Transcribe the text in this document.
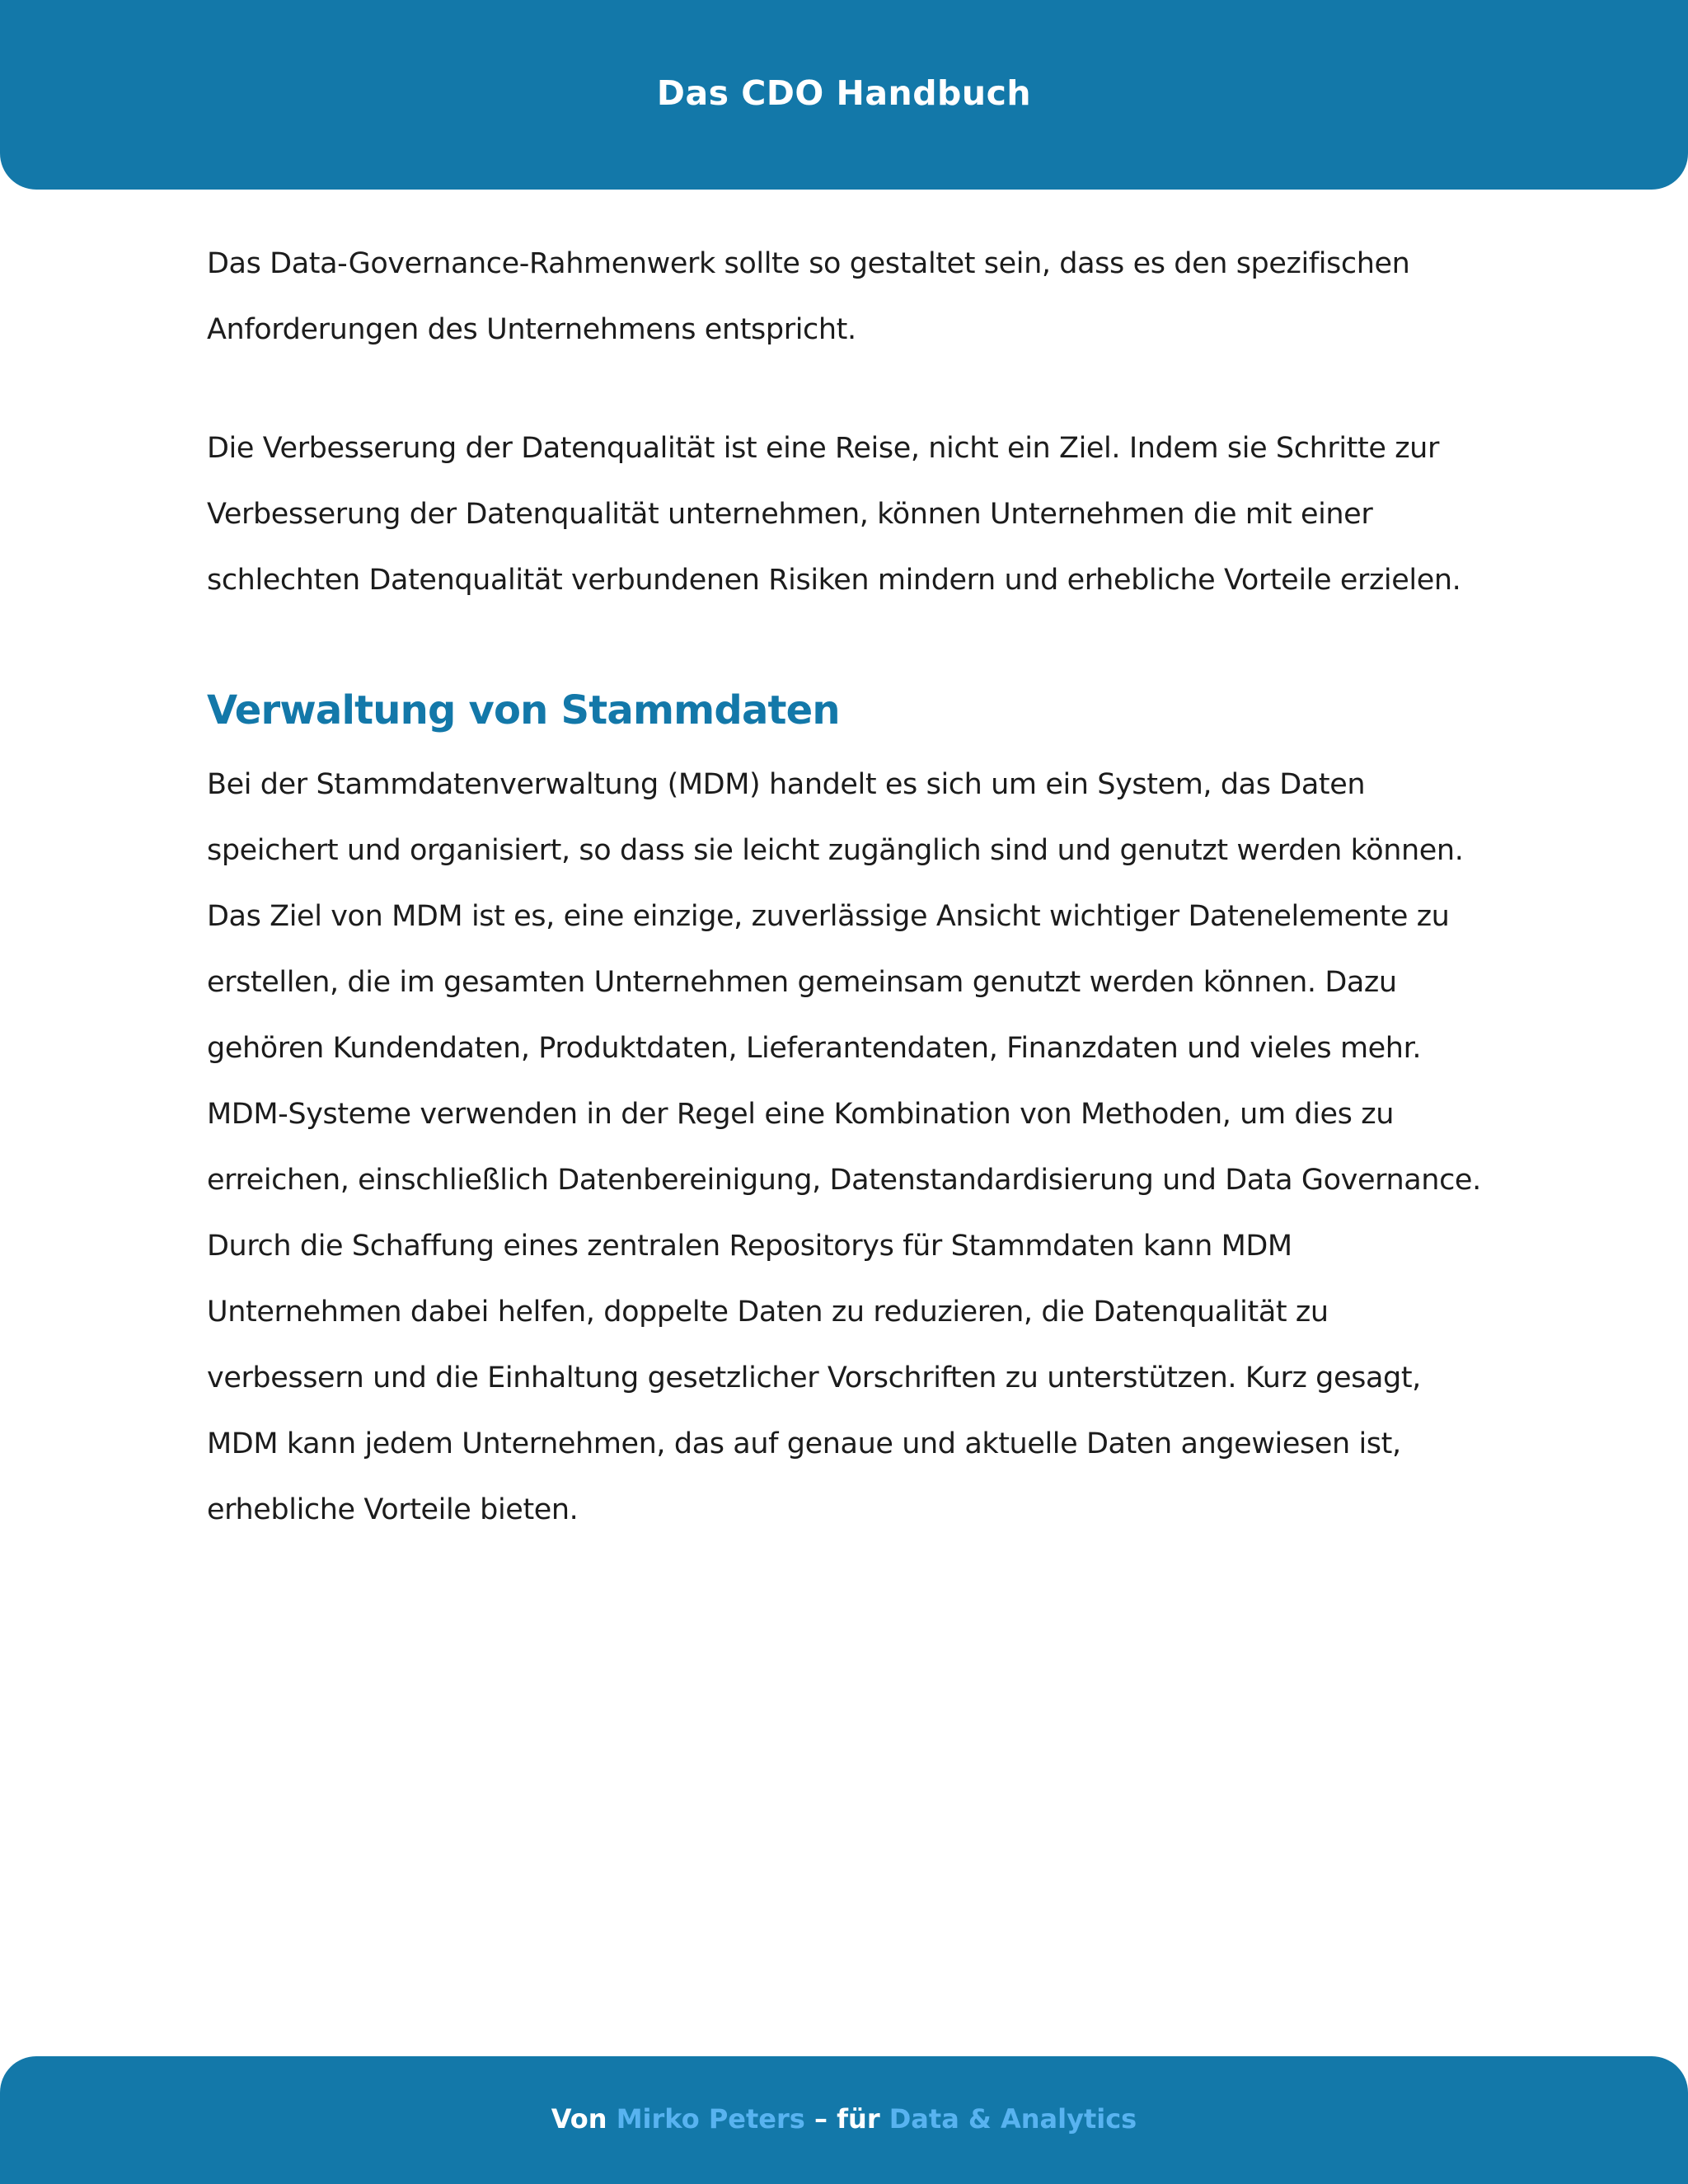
Das CDO Handbuch

Das Data-Governance-Rahmenwerk sollte so gestaltet sein, dass es den spezifischen Anforderungen des Unternehmens entspricht.

Die Verbesserung der Datenqualität ist eine Reise, nicht ein Ziel. Indem sie Schritte zur Verbesserung der Datenqualität unternehmen, können Unternehmen die mit einer schlechten Datenqualität verbundenen Risiken mindern und erhebliche Vorteile erzielen.

Verwaltung von Stammdaten

Bei der Stammdatenverwaltung (MDM) handelt es sich um ein System, das Daten speichert und organisiert, so dass sie leicht zugänglich sind und genutzt werden können. Das Ziel von MDM ist es, eine einzige, zuverlässige Ansicht wichtiger Datenelemente zu erstellen, die im gesamten Unternehmen gemeinsam genutzt werden können. Dazu gehören Kundendaten, Produktdaten, Lieferantendaten, Finanzdaten und vieles mehr. MDM-Systeme verwenden in der Regel eine Kombination von Methoden, um dies zu erreichen, einschließlich Datenbereinigung, Datenstandardisierung und Data Governance. Durch die Schaffung eines zentralen Repositorys für Stammdaten kann MDM Unternehmen dabei helfen, doppelte Daten zu reduzieren, die Datenqualität zu verbessern und die Einhaltung gesetzlicher Vorschriften zu unterstützen. Kurz gesagt, MDM kann jedem Unternehmen, das auf genaue und aktuelle Daten angewiesen ist, erhebliche Vorteile bieten.

Von Mirko Peters – für Data & Analytics
